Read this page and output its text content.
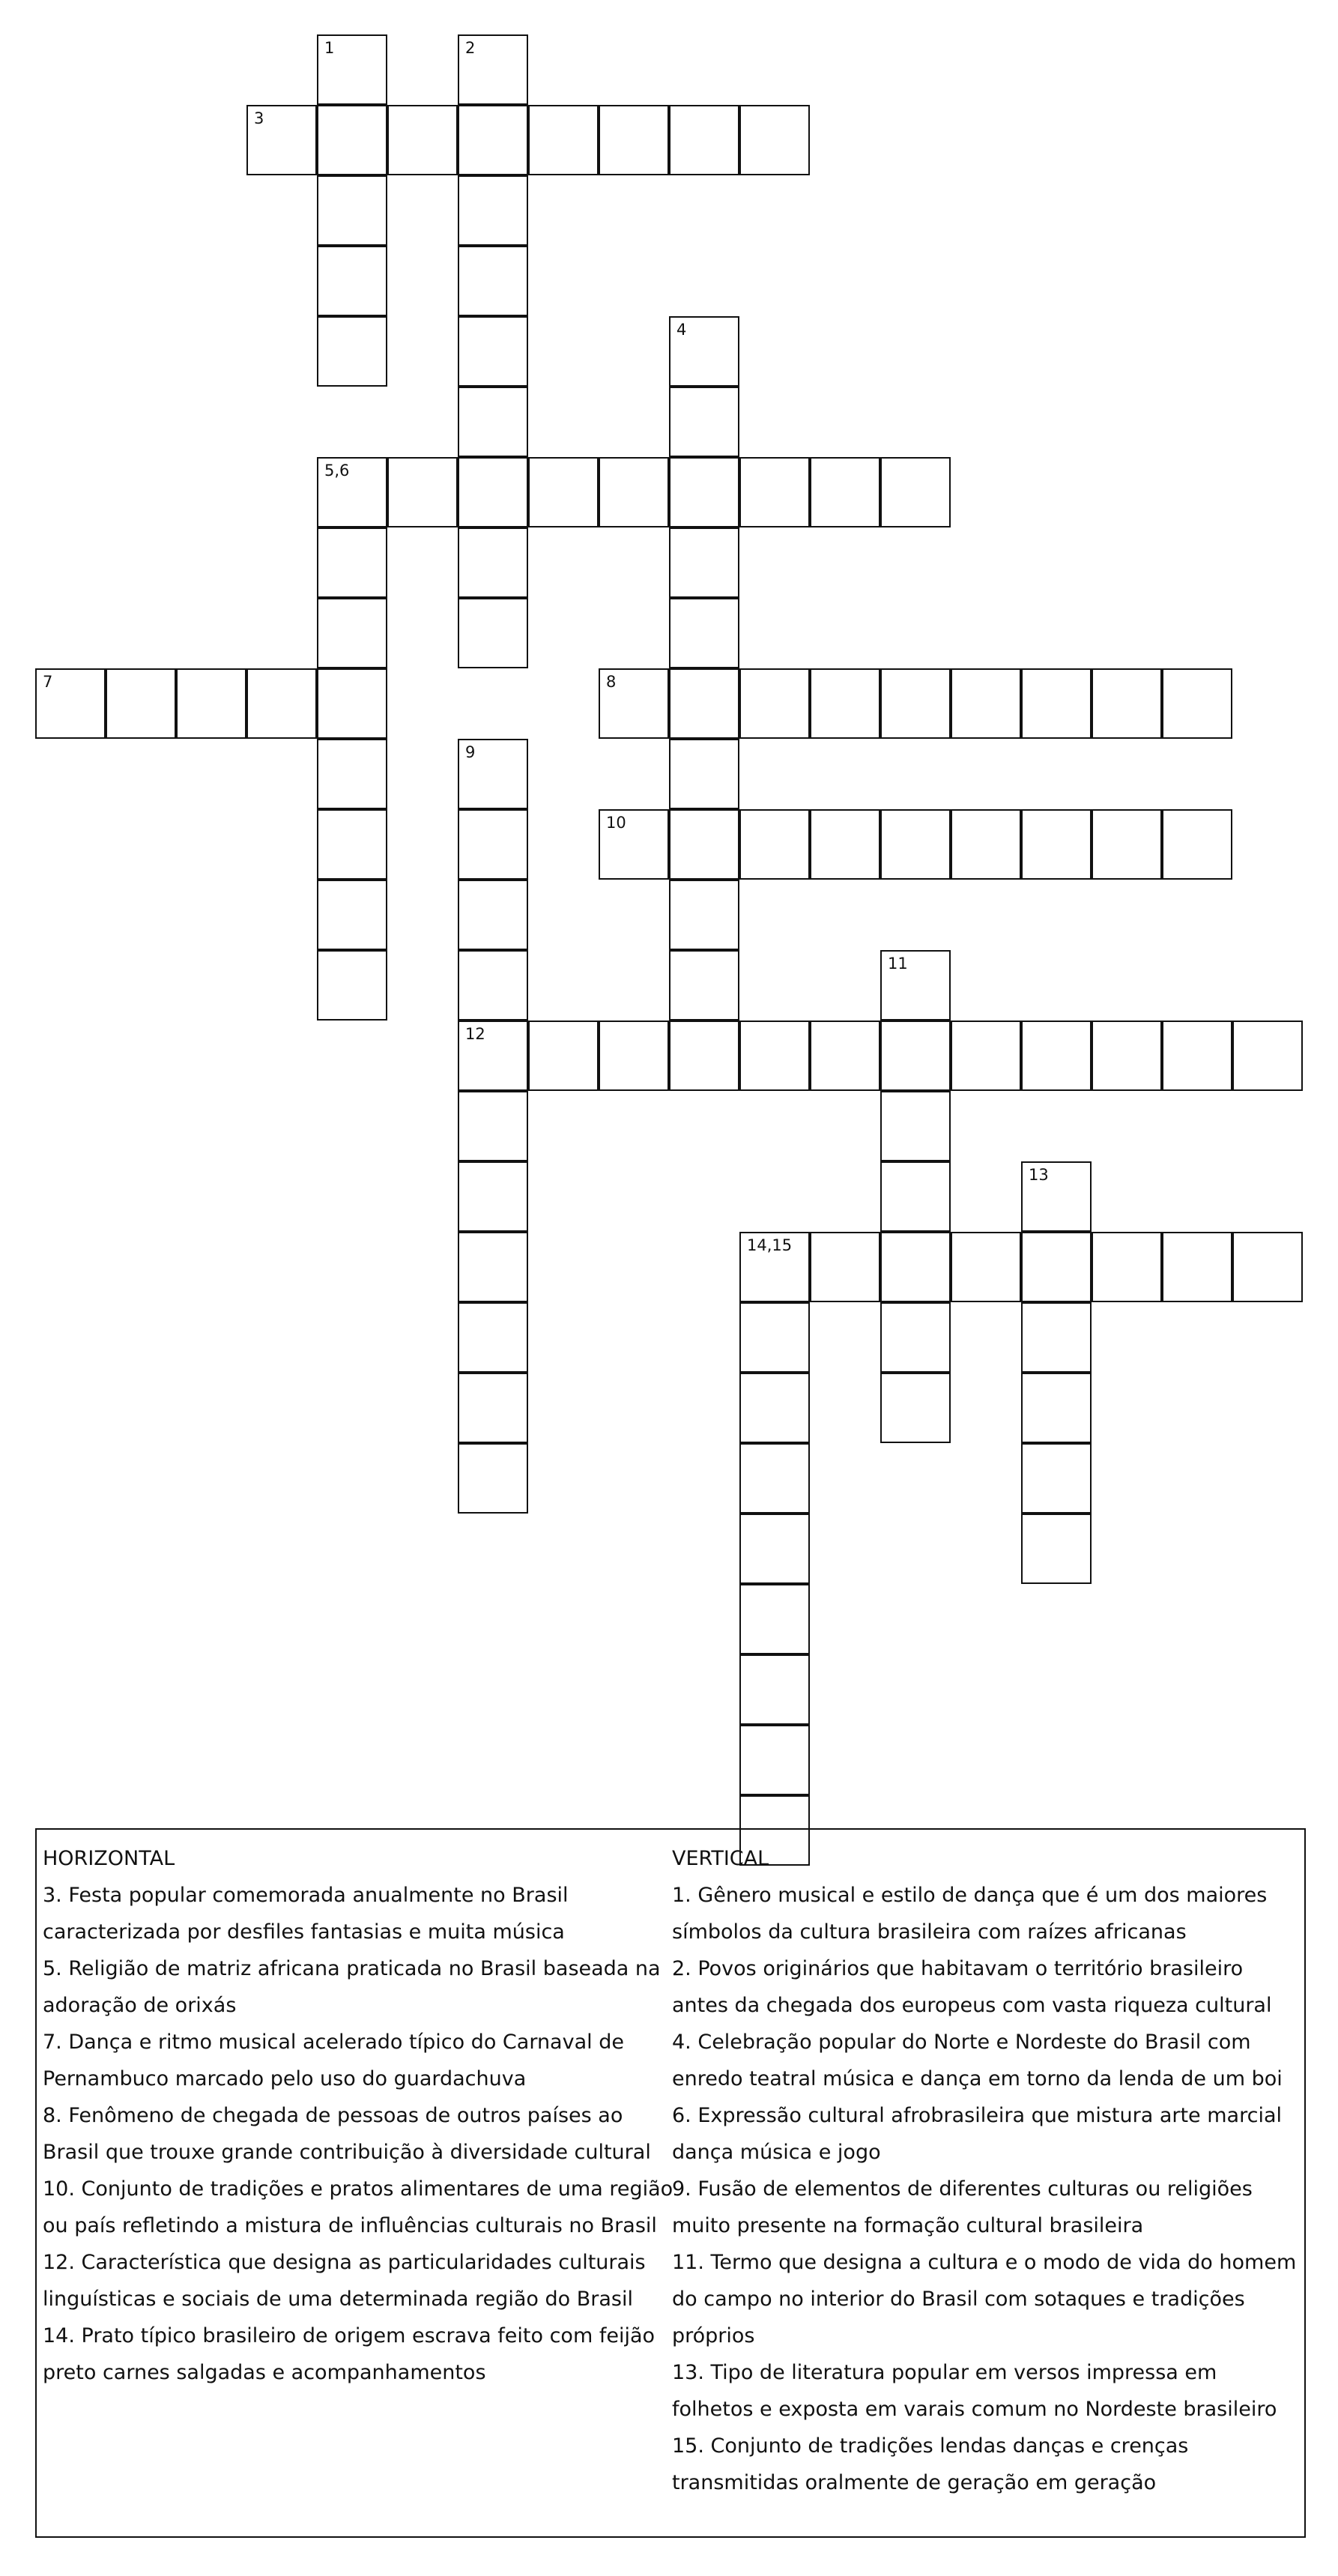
1	2
3
4
5,6
7	8
9
12
10
11
13
14,15
HORIZONTAL
3. Festa popular comemorada anualmente no Brasil
caracterizada por desfiles fantasias e muita música
5. Religião de matriz africana praticada no Brasil baseada na
adoração de orixás
7. Dança e ritmo musical acelerado típico do Carnaval de
Pernambuco marcado pelo uso do guardachuva
8. Fenômeno de chegada de pessoas de outros países ao
Brasil que trouxe grande contribuição à diversidade cultural
10. Conjunto de tradições e pratos alimentares de uma região
ou país refletindo a mistura de influências culturais no Brasil
12. Característica que designa as particularidades culturais
linguísticas e sociais de uma determinada região do Brasil
14. Prato típico brasileiro de origem escrava feito com feijão
preto carnes salgadas e acompanhamentos
VERTICAL
1. Gênero musical e estilo de dança que é um dos maiores
símbolos da cultura brasileira com raízes africanas
2. Povos originários que habitavam o território brasileiro
antes da chegada dos europeus com vasta riqueza cultural
4. Celebração popular do Norte e Nordeste do Brasil com
enredo teatral música e dança em torno da lenda de um boi
6. Expressão cultural afrobrasileira que mistura arte marcial
dança música e jogo
9. Fusão de elementos de diferentes culturas ou religiões
muito presente na formação cultural brasileira
11. Termo que designa a cultura e o modo de vida do homem
do campo no interior do Brasil com sotaques e tradições
próprios
13. Tipo de literatura popular em versos impressa em
folhetos e exposta em varais comum no Nordeste brasileiro
15. Conjunto de tradições lendas danças e crenças
transmitidas oralmente de geração em geração
